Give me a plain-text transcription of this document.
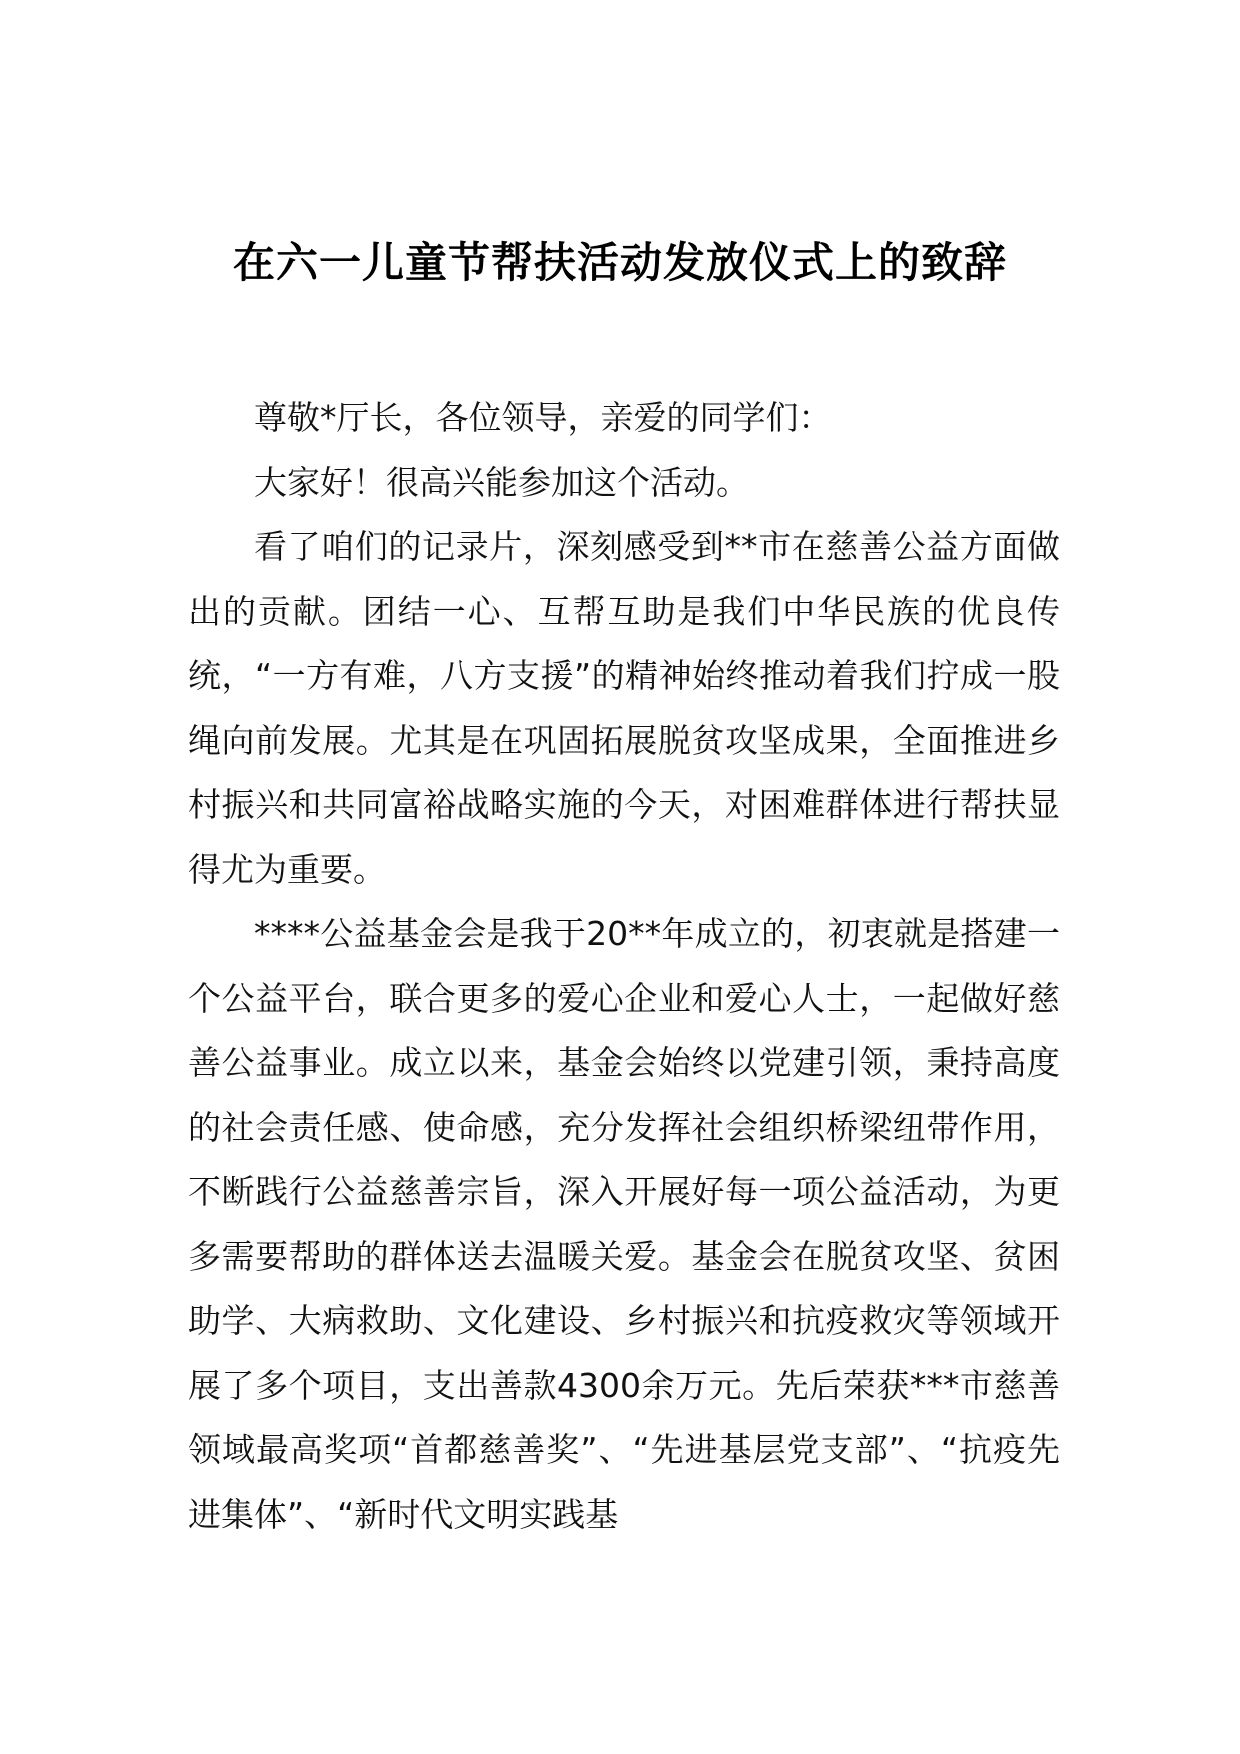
在六一儿童节帮扶活动发放仪式上的致辞

尊敬*厅长，各位领导，亲爱的同学们：

大家好！很高兴能参加这个活动。

看了咱们的记录片，深刻感受到**市在慈善公益方面做出的贡献。团结一心、互帮互助是我们中华民族的优良传统，“一方有难，八方支援”的精神始终推动着我们拧成一股绳向前发展。尤其是在巩固拓展脱贫攻坚成果，全面推进乡村振兴和共同富裕战略实施的今天，对困难群体进行帮扶显得尤为重要。

****公益基金会是我于20**年成立的，初衷就是搭建一个公益平台，联合更多的爱心企业和爱心人士，一起做好慈善公益事业。成立以来，基金会始终以党建引领，秉持高度的社会责任感、使命感，充分发挥社会组织桥梁纽带作用，不断践行公益慈善宗旨，深入开展好每一项公益活动，为更多需要帮助的群体送去温暖关爱。基金会在脱贫攻坚、贫困助学、大病救助、文化建设、乡村振兴和抗疫救灾等领域开展了多个项目，支出善款4300余万元。先后荣获***市慈善领域最高奖项“首都慈善奖”、“先进基层党支部”、“抗疫先进集体”、“新时代文明实践基
